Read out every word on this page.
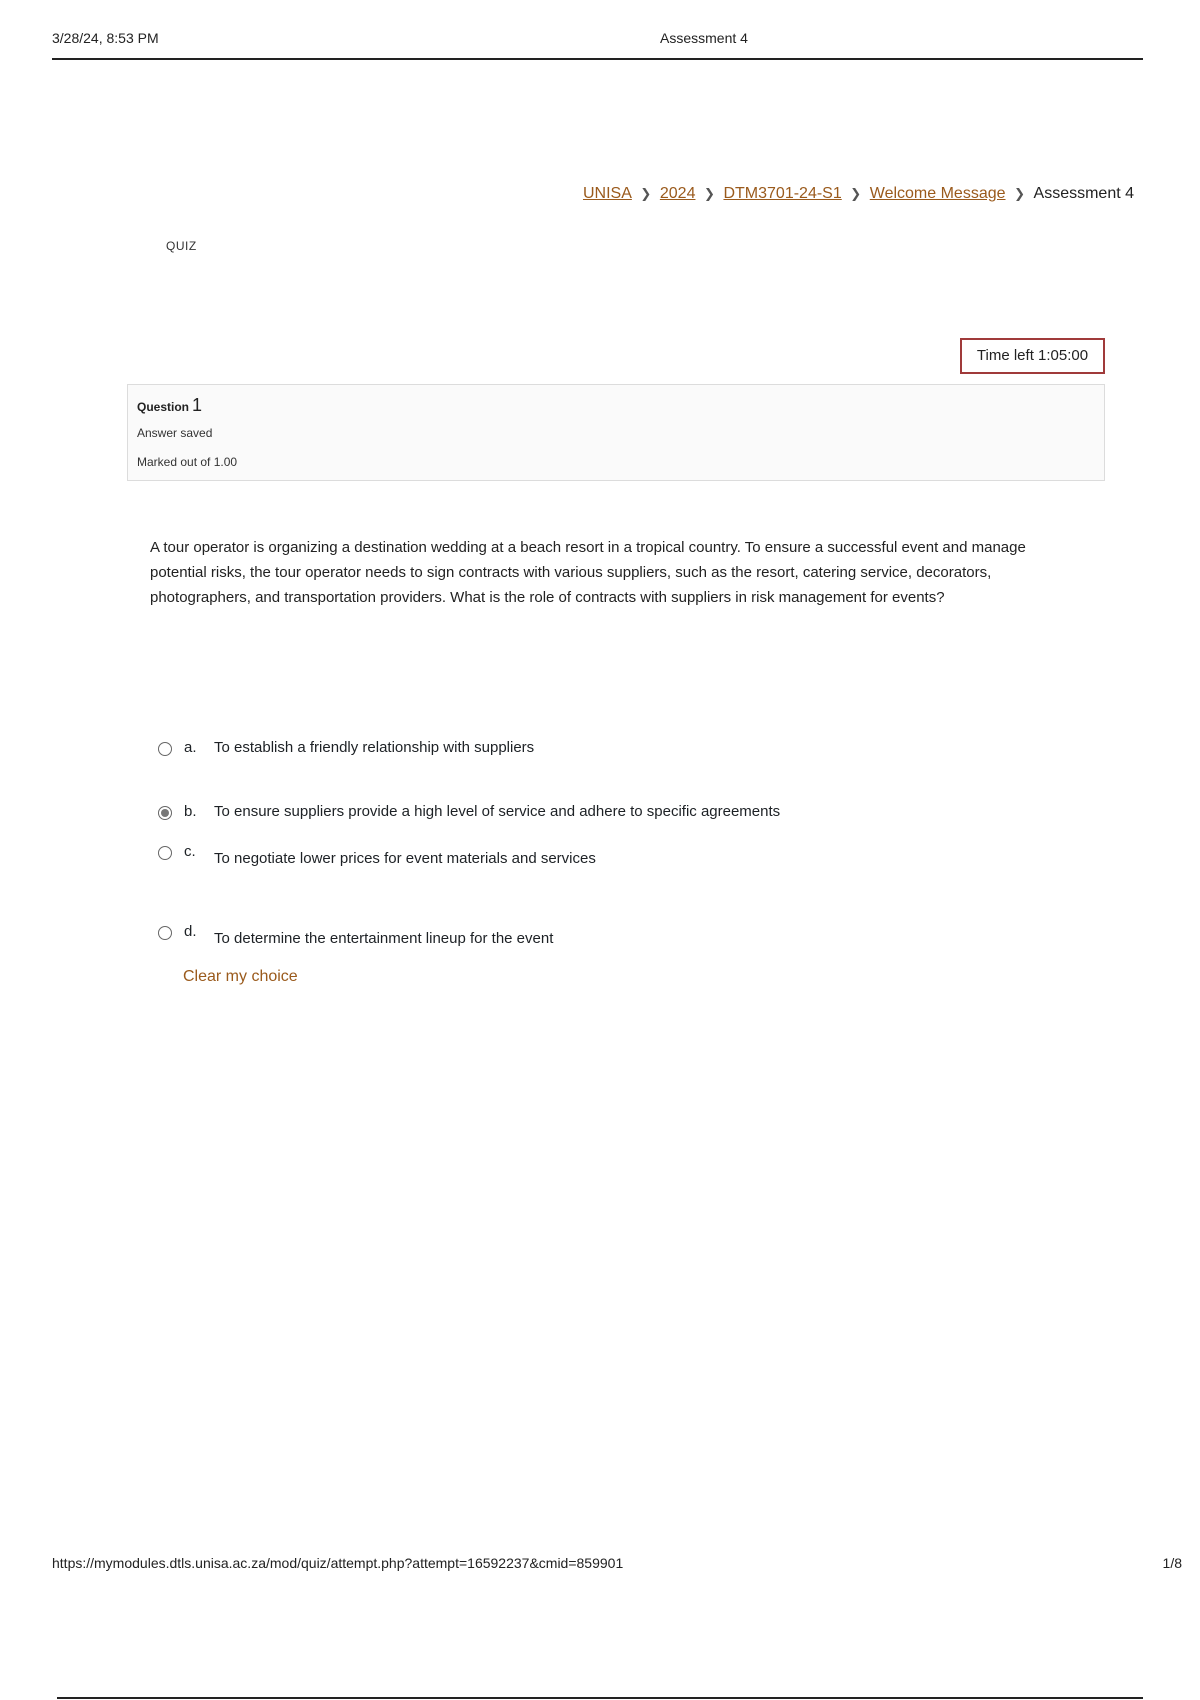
3/28/24, 8:53 PM	Assessment 4
UNISA ❯ 2024 ❯ DTM3701-24-S1 ❯ Welcome Message ❯ Assessment 4
QUIZ
Time left 1:05:00
Question 1
Answer saved
Marked out of 1.00
A tour operator is organizing a destination wedding at a beach resort in a tropical country. To ensure a successful event and manage potential risks, the tour operator needs to sign contracts with various suppliers, such as the resort, catering service, decorators, photographers, and transportation providers. What is the role of contracts with suppliers in risk management for events?
a. To establish a friendly relationship with suppliers
b. To ensure suppliers provide a high level of service and adhere to specific agreements
c. To negotiate lower prices for event materials and services
d. To determine the entertainment lineup for the event
Clear my choice
https://mymodules.dtls.unisa.ac.za/mod/quiz/attempt.php?attempt=16592237&cmid=859901	1/8
